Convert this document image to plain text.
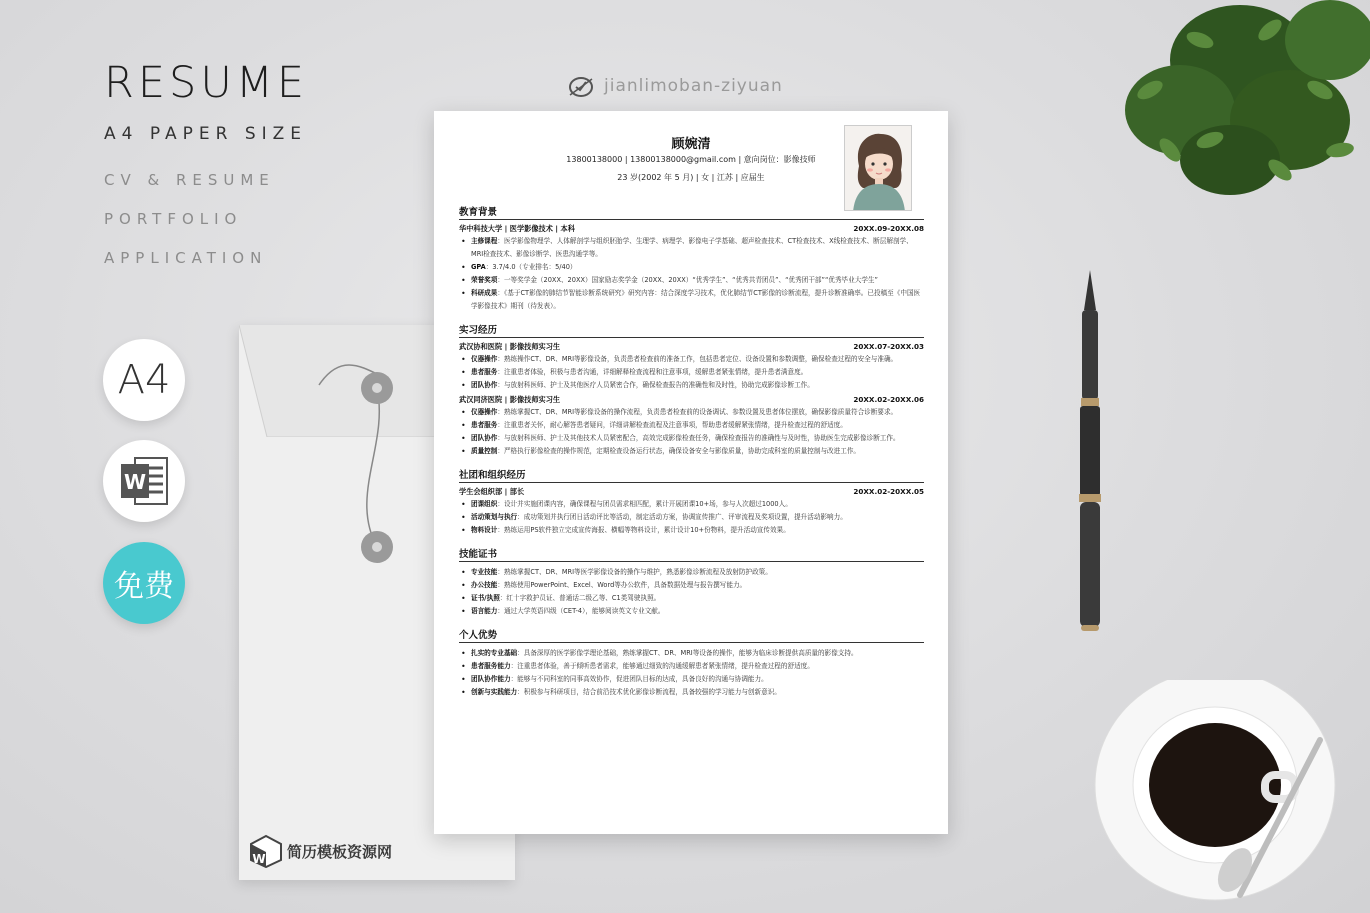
RESUME
A4 PAPER SIZE
CV & RESUME
PORTFOLIO
APPLICATION
A4
W
免费
W 简历模板资源网
jianlimoban-ziyuan
顾婉清
13800138000 | 13800138000@gmail.com | 意向岗位：影像技师
23 岁(2002 年 5 月) | 女 | 江苏 | 应届生
教育背景
华中科技大学 | 医学影像技术 | 本科	20XX.09-20XX.08
• 主修课程：医学影像物理学、人体解剖学与组织胚胎学、生理学、病理学、影像电子学基础、超声检查技术、CT检查技术、X线检查技术、断层解剖学、MRI检查技术、影像诊断学、医患沟通学等。
• GPA：3.7/4.0（专业排名：5/40）
• 荣誉奖项：一等奖学金（20XX、20XX）国家励志奖学金（20XX、20XX）“优秀学生”、“优秀共青团员”、“优秀团干部”“优秀毕业大学生”
• 科研成果：《基于CT影像的肺结节智能诊断系统研究》研究内容：结合深度学习技术，优化肺结节CT影像的诊断流程，提升诊断准确率。已投稿至《中国医学影像技术》期刊（待发表）。
实习经历
武汉协和医院 | 影像技师实习生	20XX.07-20XX.03
• 仪器操作：熟练操作CT、DR、MRI等影像设备，负责患者检查前的准备工作，包括患者定位、设备设置和参数调整，确保检查过程的安全与准确。
• 患者服务：注重患者体验，积极与患者沟通，详细解释检查流程和注意事项，缓解患者紧张情绪，提升患者满意度。
• 团队协作：与放射科医师、护士及其他医疗人员紧密合作，确保检查报告的准确性和及时性，协助完成影像诊断工作。
武汉同济医院 | 影像技师实习生	20XX.02-20XX.06
• 仪器操作：熟练掌握CT、DR、MRI等影像设备的操作流程，负责患者检查前的设备调试、参数设置及患者体位摆放，确保影像质量符合诊断要求。
• 患者服务：注重患者关怀，耐心解答患者疑问，详细讲解检查流程及注意事项，帮助患者缓解紧张情绪，提升检查过程的舒适度。
• 团队协作：与放射科医师、护士及其他技术人员紧密配合，高效完成影像检查任务，确保检查报告的准确性与及时性，协助医生完成影像诊断工作。
• 质量控制：严格执行影像检查的操作规范，定期检查设备运行状态，确保设备安全与影像质量，协助完成科室的质量控制与改进工作。
社团和组织经历
学生会组织部 | 部长	20XX.02-20XX.05
• 团课组织：设计并实施团课内容，确保课程与团员需求相匹配，累计开展团课10+场，参与人次超过1000人。
• 活动策划与执行：成功策划并执行团日活动评比等活动，制定活动方案，协调宣传推广、评审流程及奖项设置，提升活动影响力。
• 物料设计：熟练运用PS软件独立完成宣传海报、横幅等物料设计，累计设计10+份物料，提升活动宣传效果。
技能证书
• 专业技能：熟练掌握CT、DR、MRI等医学影像设备的操作与维护，熟悉影像诊断流程及放射防护政策。
• 办公技能：熟练使用PowerPoint、Excel、Word等办公软件，具备数据处理与报告撰写能力。
• 证书/执照：红十字救护员证、普通话二级乙等、C1类驾驶执照。
• 语言能力：通过大学英语四级（CET-4），能够阅读英文专业文献。
个人优势
• 扎实的专业基础：具备深厚的医学影像学理论基础，熟练掌握CT、DR、MRI等设备的操作，能够为临床诊断提供高质量的影像支持。
• 患者服务能力：注重患者体验，善于倾听患者需求，能够通过细致的沟通缓解患者紧张情绪，提升检查过程的舒适度。
• 团队协作能力：能够与不同科室的同事高效协作，促进团队目标的达成，具备良好的沟通与协调能力。
• 创新与实践能力：积极参与科研项目，结合前沿技术优化影像诊断流程，具备较强的学习能力与创新意识。
